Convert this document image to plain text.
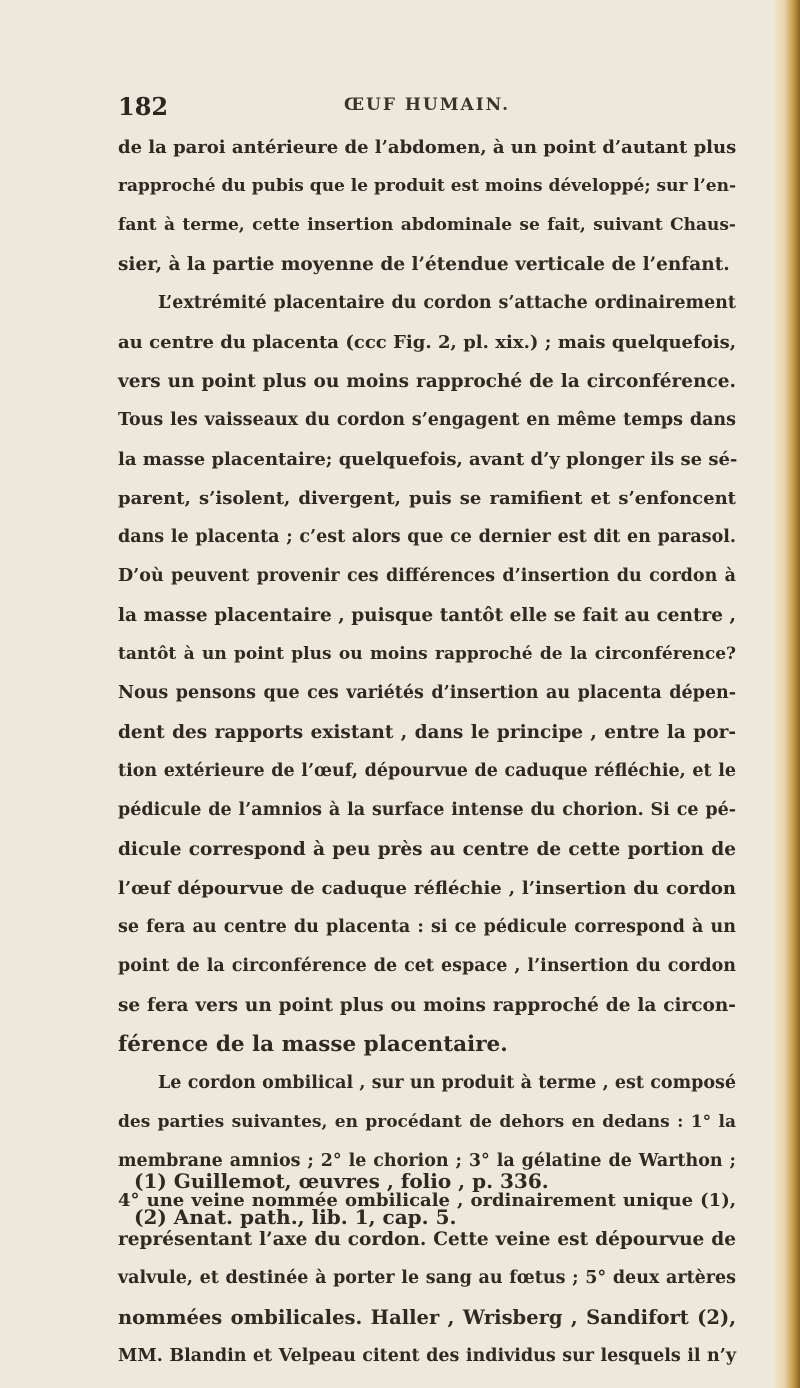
182	ŒUF HUMAIN.
de la paroi antérieure de l’abdomen, à un point d’autant plus
rapproché du pubis que le produit est moins développé; sur l’en-
fant à terme, cette insertion abdominale se fait, suivant Chaus-
sier, à la partie moyenne de l’étendue verticale de l’enfant.
L’extrémité placentaire du cordon s’attache ordinairement
au centre du placenta (ccc Fig. 2, pl. xix.) ; mais quelquefois,
vers un point plus ou moins rapproché de la circonférence.
Tous les vaisseaux du cordon s’engagent en même temps dans
la masse placentaire; quelquefois, avant d’y plonger ils se sé-
parent, s’isolent, divergent, puis se ramifient et s’enfoncent
dans le placenta ; c’est alors que ce dernier est dit en parasol.
D’où peuvent provenir ces différences d’insertion du cordon à
la masse placentaire , puisque tantôt elle se fait au centre ,
tantôt à un point plus ou moins rapproché de la circonférence?
Nous pensons que ces variétés d’insertion au placenta dépen-
dent des rapports existant , dans le principe , entre la por-
tion extérieure de l’œuf, dépourvue de caduque réfléchie, et le
pédicule de l’amnios à la surface intense du chorion. Si ce pé-
dicule correspond à peu près au centre de cette portion de
l’œuf dépourvue de caduque réfléchie , l’insertion du cordon
se fera au centre du placenta : si ce pédicule correspond à un
point de la circonférence de cet espace , l’insertion du cordon
se fera vers un point plus ou moins rapproché de la circon-
férence de la masse placentaire.
Le cordon ombilical , sur un produit à terme , est composé
des parties suivantes, en procédant de dehors en dedans : 1° la
membrane amnios ; 2° le chorion ; 3° la gélatine de Warthon ;
4° une veine nommée ombilicale , ordinairement unique (1),
représentant l’axe du cordon. Cette veine est dépourvue de
valvule, et destinée à porter le sang au fœtus ; 5° deux artères
nommées ombilicales. Haller , Wrisberg , Sandifort (2),
MM. Blandin et Velpeau citent des individus sur lesquels il n’y
(1) Guillemot, œuvres , folio , p. 336.
(2) Anat. path., lib. 1, cap. 5.
